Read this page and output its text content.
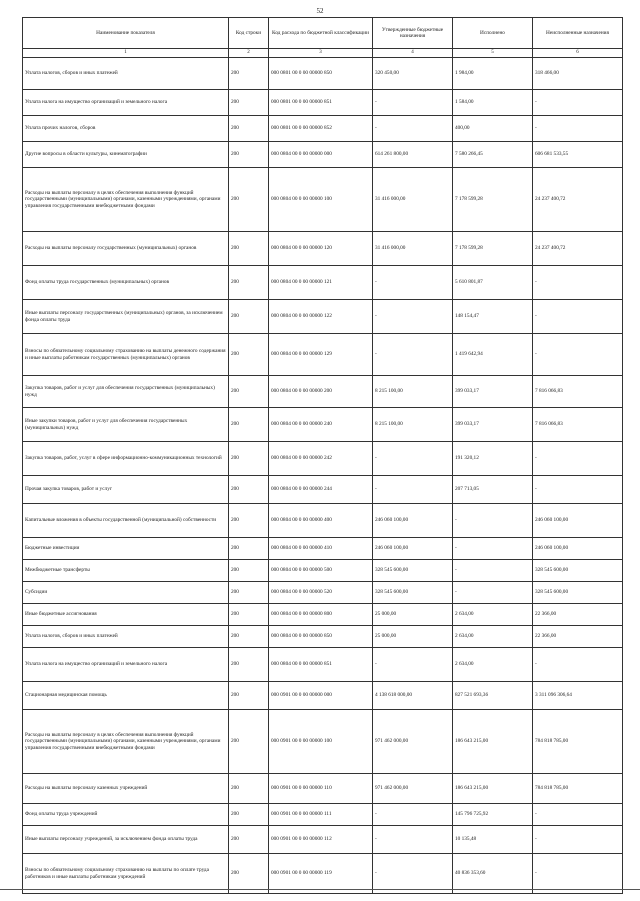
52
Наименование показателя	Код строки	Код расхода по бюджетной классификации	Утвержденные бюджетные назначения	Исполнено	Неисполненные назначения
1	2	3	4	5	6
Уплата налогов, сборов и иных платежей	200	000 0801 00 0 00 00000 850	320 450,00	1 984,00	318 466,00
Уплата налога на имущество организаций и земельного налога	200	000 0801 00 0 00 00000 851	-	1 584,00	-
Уплата прочих налогов, сборов	200	000 0801 00 0 00 00000 852	-	400,00	-
Другие вопросы в области культуры, кинематографии	200	000 0804 00 0 00 00000 000	614 261 800,00	7 580 266,45	606 681 533,55
Расходы на выплаты персоналу в целях обеспечения выполнения функций государственными (муниципальными) органами, казенными учреждениями, органами управления государственными внебюджетными фондами	200	000 0804 00 0 00 00000 100	31 416 000,00	7 178 599,28	24 237 400,72
Расходы на выплаты персоналу государственных (муниципальных) органов	200	000 0804 00 0 00 00000 120	31 416 000,00	7 178 599,28	24 237 400,72
Фонд оплаты труда государственных (муниципальных) органов	200	000 0804 00 0 00 00000 121	-	5 610 801,87	-
Иные выплаты персоналу государственных (муниципальных) органов, за исключением фонда оплаты труда	200	000 0804 00 0 00 00000 122	-	148 154,47	-
Взносы по обязательному социальному страхованию на выплаты денежного содержания и иные выплаты работникам государственных (муниципальных) органов	200	000 0804 00 0 00 00000 129	-	1 419 642,94	-
Закупка товаров, работ и услуг для обеспечения государственных (муниципальных) нужд	200	000 0804 00 0 00 00000 200	8 215 100,00	399 033,17	7 816 066,83
Иные закупки товаров, работ и услуг для обеспечения государственных (муниципальных) нужд	200	000 0804 00 0 00 00000 240	8 215 100,00	399 033,17	7 816 066,83
Закупка товаров, работ, услуг в сфере информационно-коммуникационных технологий	200	000 0804 00 0 00 00000 242	-	191 320,12	-
Прочая закупка товаров, работ и услуг	200	000 0804 00 0 00 00000 244	-	207 713,05	-
Капитальные вложения в объекты государственной (муниципальной) собственности	200	000 0804 00 0 00 00000 400	246 060 100,00	-	246 060 100,00
Бюджетные инвестиции	200	000 0804 00 0 00 00000 410	246 060 100,00	-	246 060 100,00
Межбюджетные трансферты	200	000 0804 00 0 00 00000 500	328 545 600,00	-	328 545 600,00
Субсидии	200	000 0804 00 0 00 00000 520	328 545 600,00	-	328 545 600,00
Иные бюджетные ассигнования	200	000 0804 00 0 00 00000 800	25 000,00	2 634,00	22 366,00
Уплата налогов, сборов и иных платежей	200	000 0804 00 0 00 00000 850	25 000,00	2 634,00	22 366,00
Уплата налога на имущество организаций и земельного налога	200	000 0804 00 0 00 00000 851	-	2 634,00	-
Стационарная медицинская помощь	200	000 0901 00 0 00 00000 000	4 138 618 000,00	827 521 693,36	3 311 096 306,64
Расходы на выплаты персоналу в целях обеспечения выполнения функций государственными (муниципальными) органами, казенными учреждениями, органами управления государственными внебюджетными фондами	200	000 0901 00 0 00 00000 100	971 462 000,00	186 643 215,00	784 818 785,00
Расходы на выплаты персоналу казенных учреждений	200	000 0901 00 0 00 00000 110	971 462 000,00	186 643 215,00	784 818 785,00
Фонд оплаты труда учреждений	200	000 0901 00 0 00 00000 111	-	145 796 725,92	-
Иные выплаты персоналу учреждений, за исключением фонда оплаты труда	200	000 0901 00 0 00 00000 112	-	10 135,48	-
Взносы по обязательному социальному страхованию на выплаты по оплате труда работников и иные выплаты работникам учреждений	200	000 0901 00 0 00 00000 119	-	40 836 353,60	-
